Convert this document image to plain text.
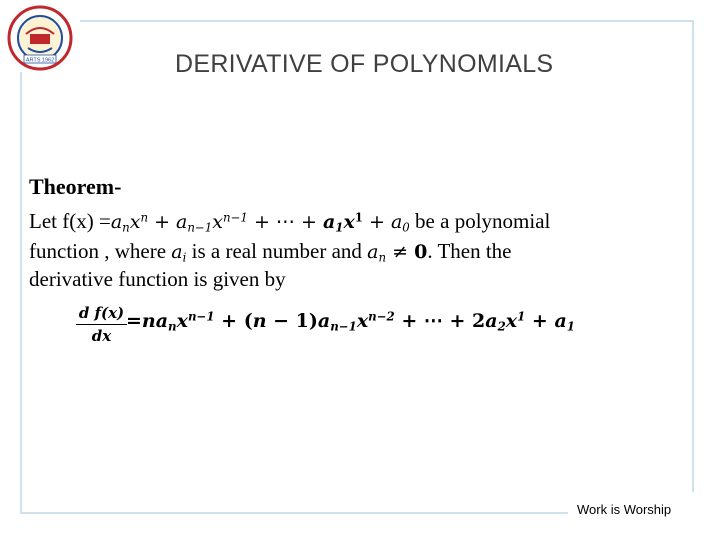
ARTS 1962	DERIVATIVE OF POLYNOMIALS
Theorem-
Let $f(x) =a_nx^n + a_{n-1}x^{n-1}$ + ⋯ + $a_1x^1 + a_0$ be a polynomial
function , where $a_i$ is a real number and $a_n \ne 0$. Then the
derivative function is given by
d f(x)
dx
$=na_nx^{n-1} + (n - 1)a_{n-1}x^{n-2}$ + ⋯ + $2a_2x^1 + a_1$
Work is Worship
